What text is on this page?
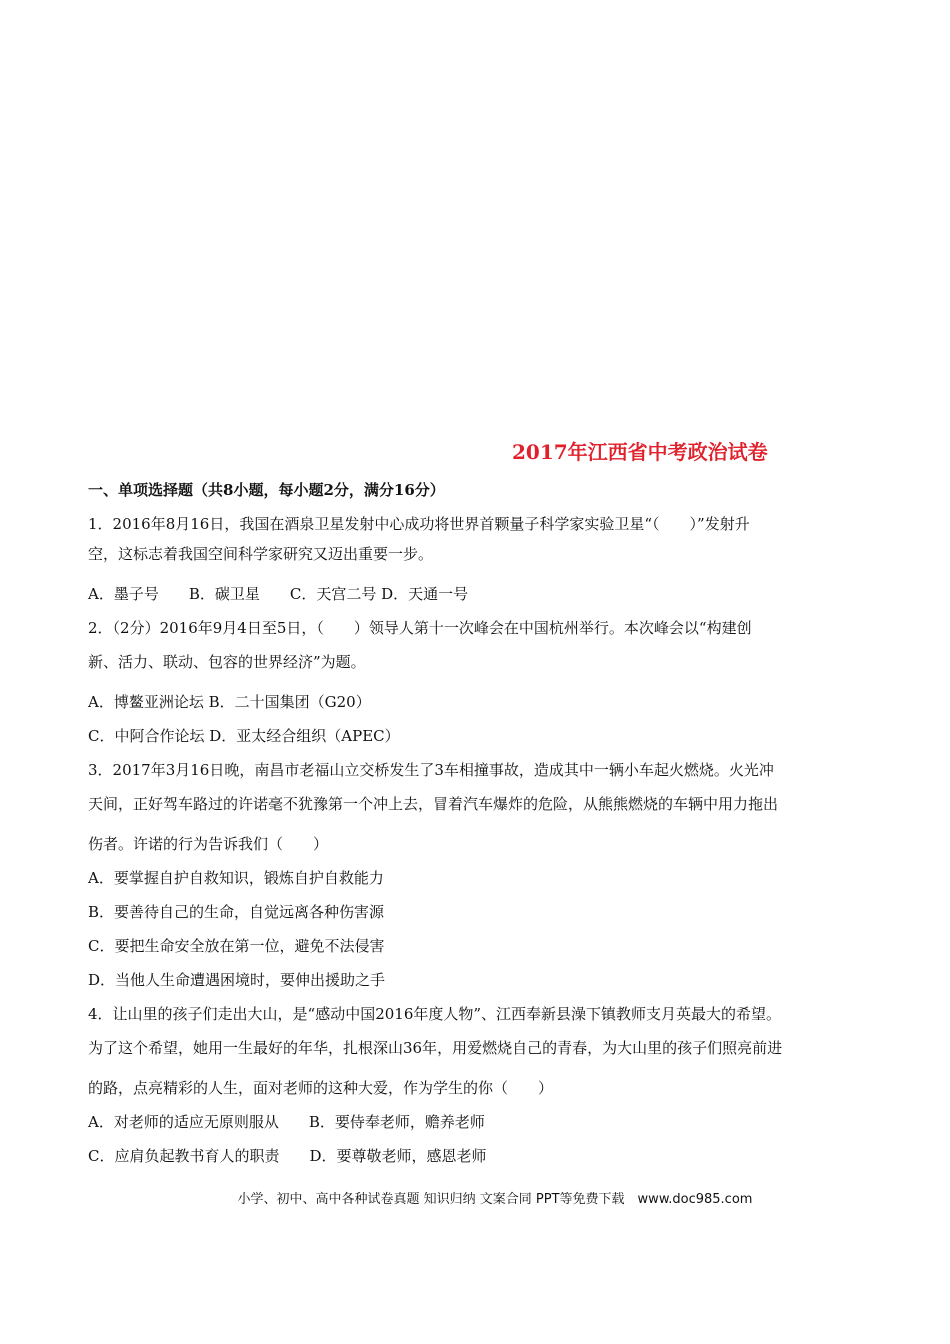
2017年江西省中考政治试卷
一、单项选择题（共8小题，每小题2分，满分16分）
1．2016年8月16日，我国在酒泉卫星发射中心成功将世界首颗量子科学家实验卫星“（　　）”发射升
空，这标志着我国空间科学家研究又迈出重要一步。
A．墨子号　　B．碳卫星　　C．天宫二号 D．天通一号
2．（2分）2016年9月4日至5日，（　　）领导人第十一次峰会在中国杭州举行。本次峰会以“构建创
新、活力、联动、包容的世界经济”为题。
A．博鳌亚洲论坛 B．二十国集团（G20）
C．中阿合作论坛 D．亚太经合组织（APEC）
3．2017年3月16日晚，南昌市老福山立交桥发生了3车相撞事故，造成其中一辆小车起火燃烧。火光冲
天间，正好驾车路过的许诺毫不犹豫第一个冲上去，冒着汽车爆炸的危险，从熊熊燃烧的车辆中用力拖出
伤者。许诺的行为告诉我们（　　）
A．要掌握自护自救知识，锻炼自护自救能力
B．要善待自己的生命，自觉远离各种伤害源
C．要把生命安全放在第一位，避免不法侵害
D．当他人生命遭遇困境时，要伸出援助之手
4．让山里的孩子们走出大山，是“感动中国2016年度人物”、江西奉新县澡下镇教师支月英最大的希望。
为了这个希望，她用一生最好的年华，扎根深山36年，用爱燃烧自己的青春，为大山里的孩子们照亮前进
的路，点亮精彩的人生，面对老师的这种大爱，作为学生的你（　　）
A．对老师的适应无原则服从　　B．要侍奉老师，赡养老师
C．应肩负起教书育人的职责　　D．要尊敬老师，感恩老师
小学、初中、高中各种试卷真题 知识归纳 文案合同 PPT等免费下载　www.doc985.com
